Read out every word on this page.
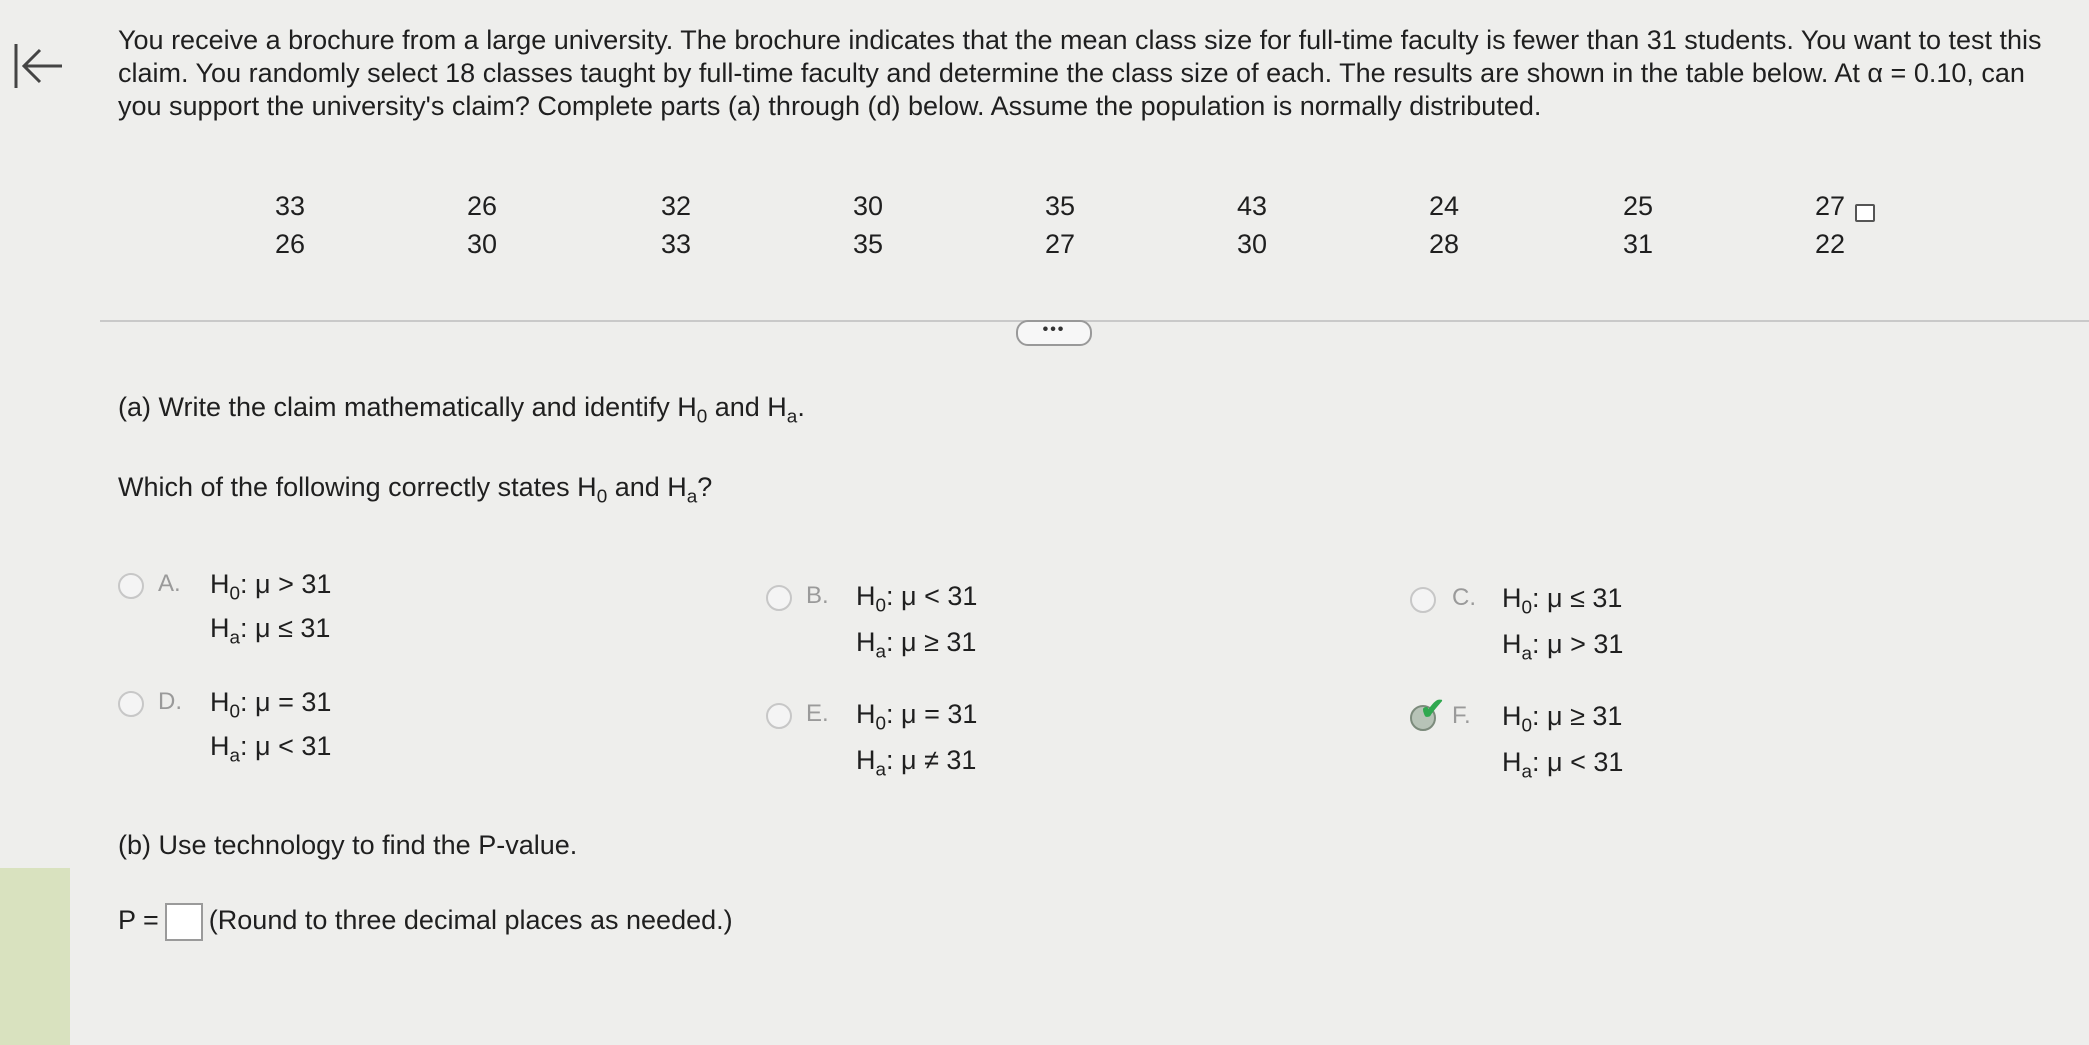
You receive a brochure from a large university. The brochure indicates that the mean class size for full-time faculty is fewer than 31 students. You want to test this claim. You randomly select 18 classes taught by full-time faculty and determine the class size of each. The results are shown in the table below. At α = 0.10, can you support the university's claim? Complete parts (a) through (d) below. Assume the population is normally distributed.
33	26	32	30	35	43	24	25	27
26	30	33	35	27	30	28	31	22
•••
(a) Write the claim mathematically and identify $H_0$ and $H_a$.
Which of the following correctly states $H_0$ and $H_a$?
A. $H_0$: μ > 31
$H_a$: μ ≤ 31
B. $H_0$: μ < 31
$H_a$: μ ≥ 31
C. $H_0$: μ ≤ 31
$H_a$: μ > 31
D. $H_0$: μ = 31
$H_a$: μ < 31
E. $H_0$: μ = 31
$H_a$: μ ≠ 31
✔ F. $H_0$: μ ≥ 31
$H_a$: μ < 31
(b) Use technology to find the P-value.
P = (Round to three decimal places as needed.)
